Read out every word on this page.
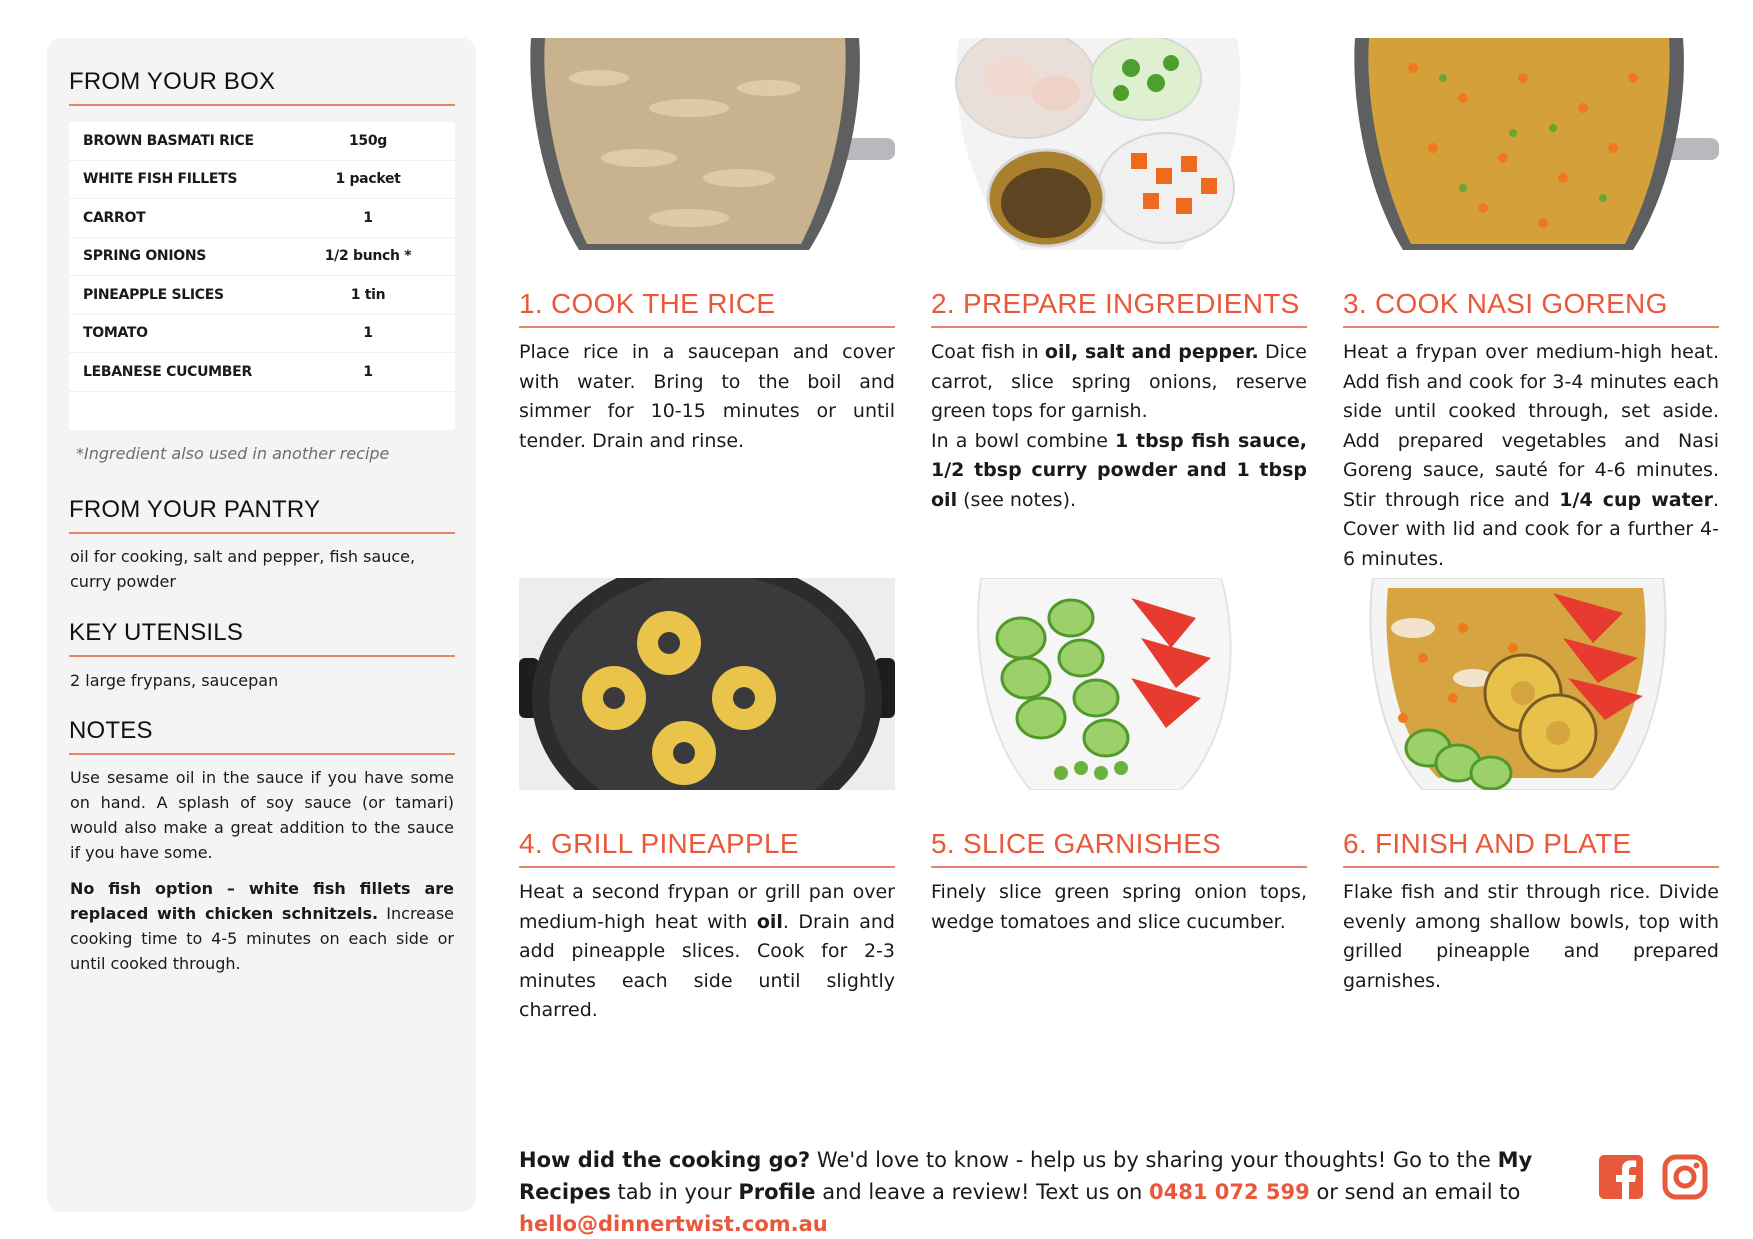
FROM YOUR BOX
BROWN BASMATI RICE	150g
WHITE FISH FILLETS	1 packet
CARROT	1
SPRING ONIONS	1/2 bunch *
PINEAPPLE SLICES	1 tin
TOMATO	1
LEBANESE CUCUMBER	1
*Ingredient also used in another recipe
FROM YOUR PANTRY
oil for cooking, salt and pepper, fish sauce, curry powder
KEY UTENSILS
2 large frypans, saucepan
NOTES
Use sesame oil in the sauce if you have some on hand. A splash of soy sauce (or tamari) would also make a great addition to the sauce if you have some.
No fish option – white fish fillets are replaced with chicken schnitzels. Increase cooking time to 4-5 minutes on each side or until cooked through.
1. COOK THE RICE
Place rice in a saucepan and cover with water. Bring to the boil and simmer for 10-15 minutes or until tender. Drain and rinse.
2. PREPARE INGREDIENTS
Coat fish in oil, salt and pepper. Dice carrot, slice spring onions, reserve green tops for garnish.
In a bowl combine 1 tbsp fish sauce, 1/2 tbsp curry powder and 1 tbsp oil (see notes).
3. COOK NASI GORENG
Heat a frypan over medium-high heat. Add fish and cook for 3-4 minutes each side until cooked through, set aside. Add prepared vegetables and Nasi Goreng sauce, sauté for 4-6 minutes. Stir through rice and 1/4 cup water. Cover with lid and cook for a further 4-6 minutes.
4. GRILL PINEAPPLE
Heat a second frypan or grill pan over medium-high heat with oil. Drain and add pineapple slices. Cook for 2-3 minutes each side until slightly charred.
5. SLICE GARNISHES
Finely slice green spring onion tops, wedge tomatoes and slice cucumber.
6. FINISH AND PLATE
Flake fish and stir through rice. Divide evenly among shallow bowls, top with grilled pineapple and prepared garnishes.
How did the cooking go? We'd love to know - help us by sharing your thoughts! Go to the My Recipes tab in your Profile and leave a review! Text us on 0481 072 599 or send an email to hello@dinnertwist.com.au
